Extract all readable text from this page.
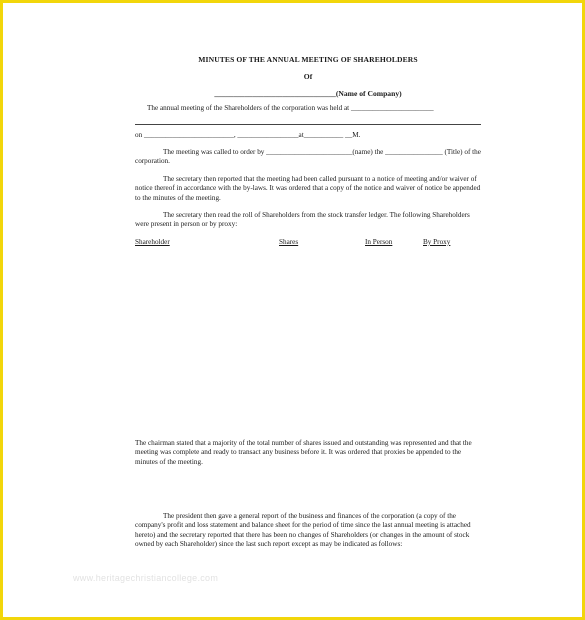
MINUTES OF THE ANNUAL MEETING OF SHAREHOLDERS

Of
________________________________(Name of Company)
The annual meeting of the Shareholders of the corporation was held at _______________________
on _________________________, _________________at___________ __M.

The meeting was called to order by ________________________(name) the ________________ (Title) of the corporation.

The secretary then reported that the meeting had been called pursuant to a notice of meeting and/or waiver of notice thereof in accordance with the by-laws. It was ordered that a copy of the notice and waiver of notice be appended to the minutes of the meeting.

The secretary then read the roll of Shareholders from the stock transfer ledger. The following Shareholders were present in person or by proxy:

Shareholder	Shares	In Person	By Proxy
The chairman stated that a majority of the total number of shares issued and outstanding was represented and that the meeting was complete and ready to transact any business before it. It was ordered that proxies be appended to the minutes of the meeting.
The president then gave a general report of the business and finances of the corporation (a copy of the company's profit and loss statement and balance sheet for the period of time since the last annual meeting is attached hereto) and the secretary reported that there has been no changes of Shareholders (or changes in the amount of stock owned by each Shareholder) since the last such report except as may be indicated as follows:
www.heritagechristiancollege.com
